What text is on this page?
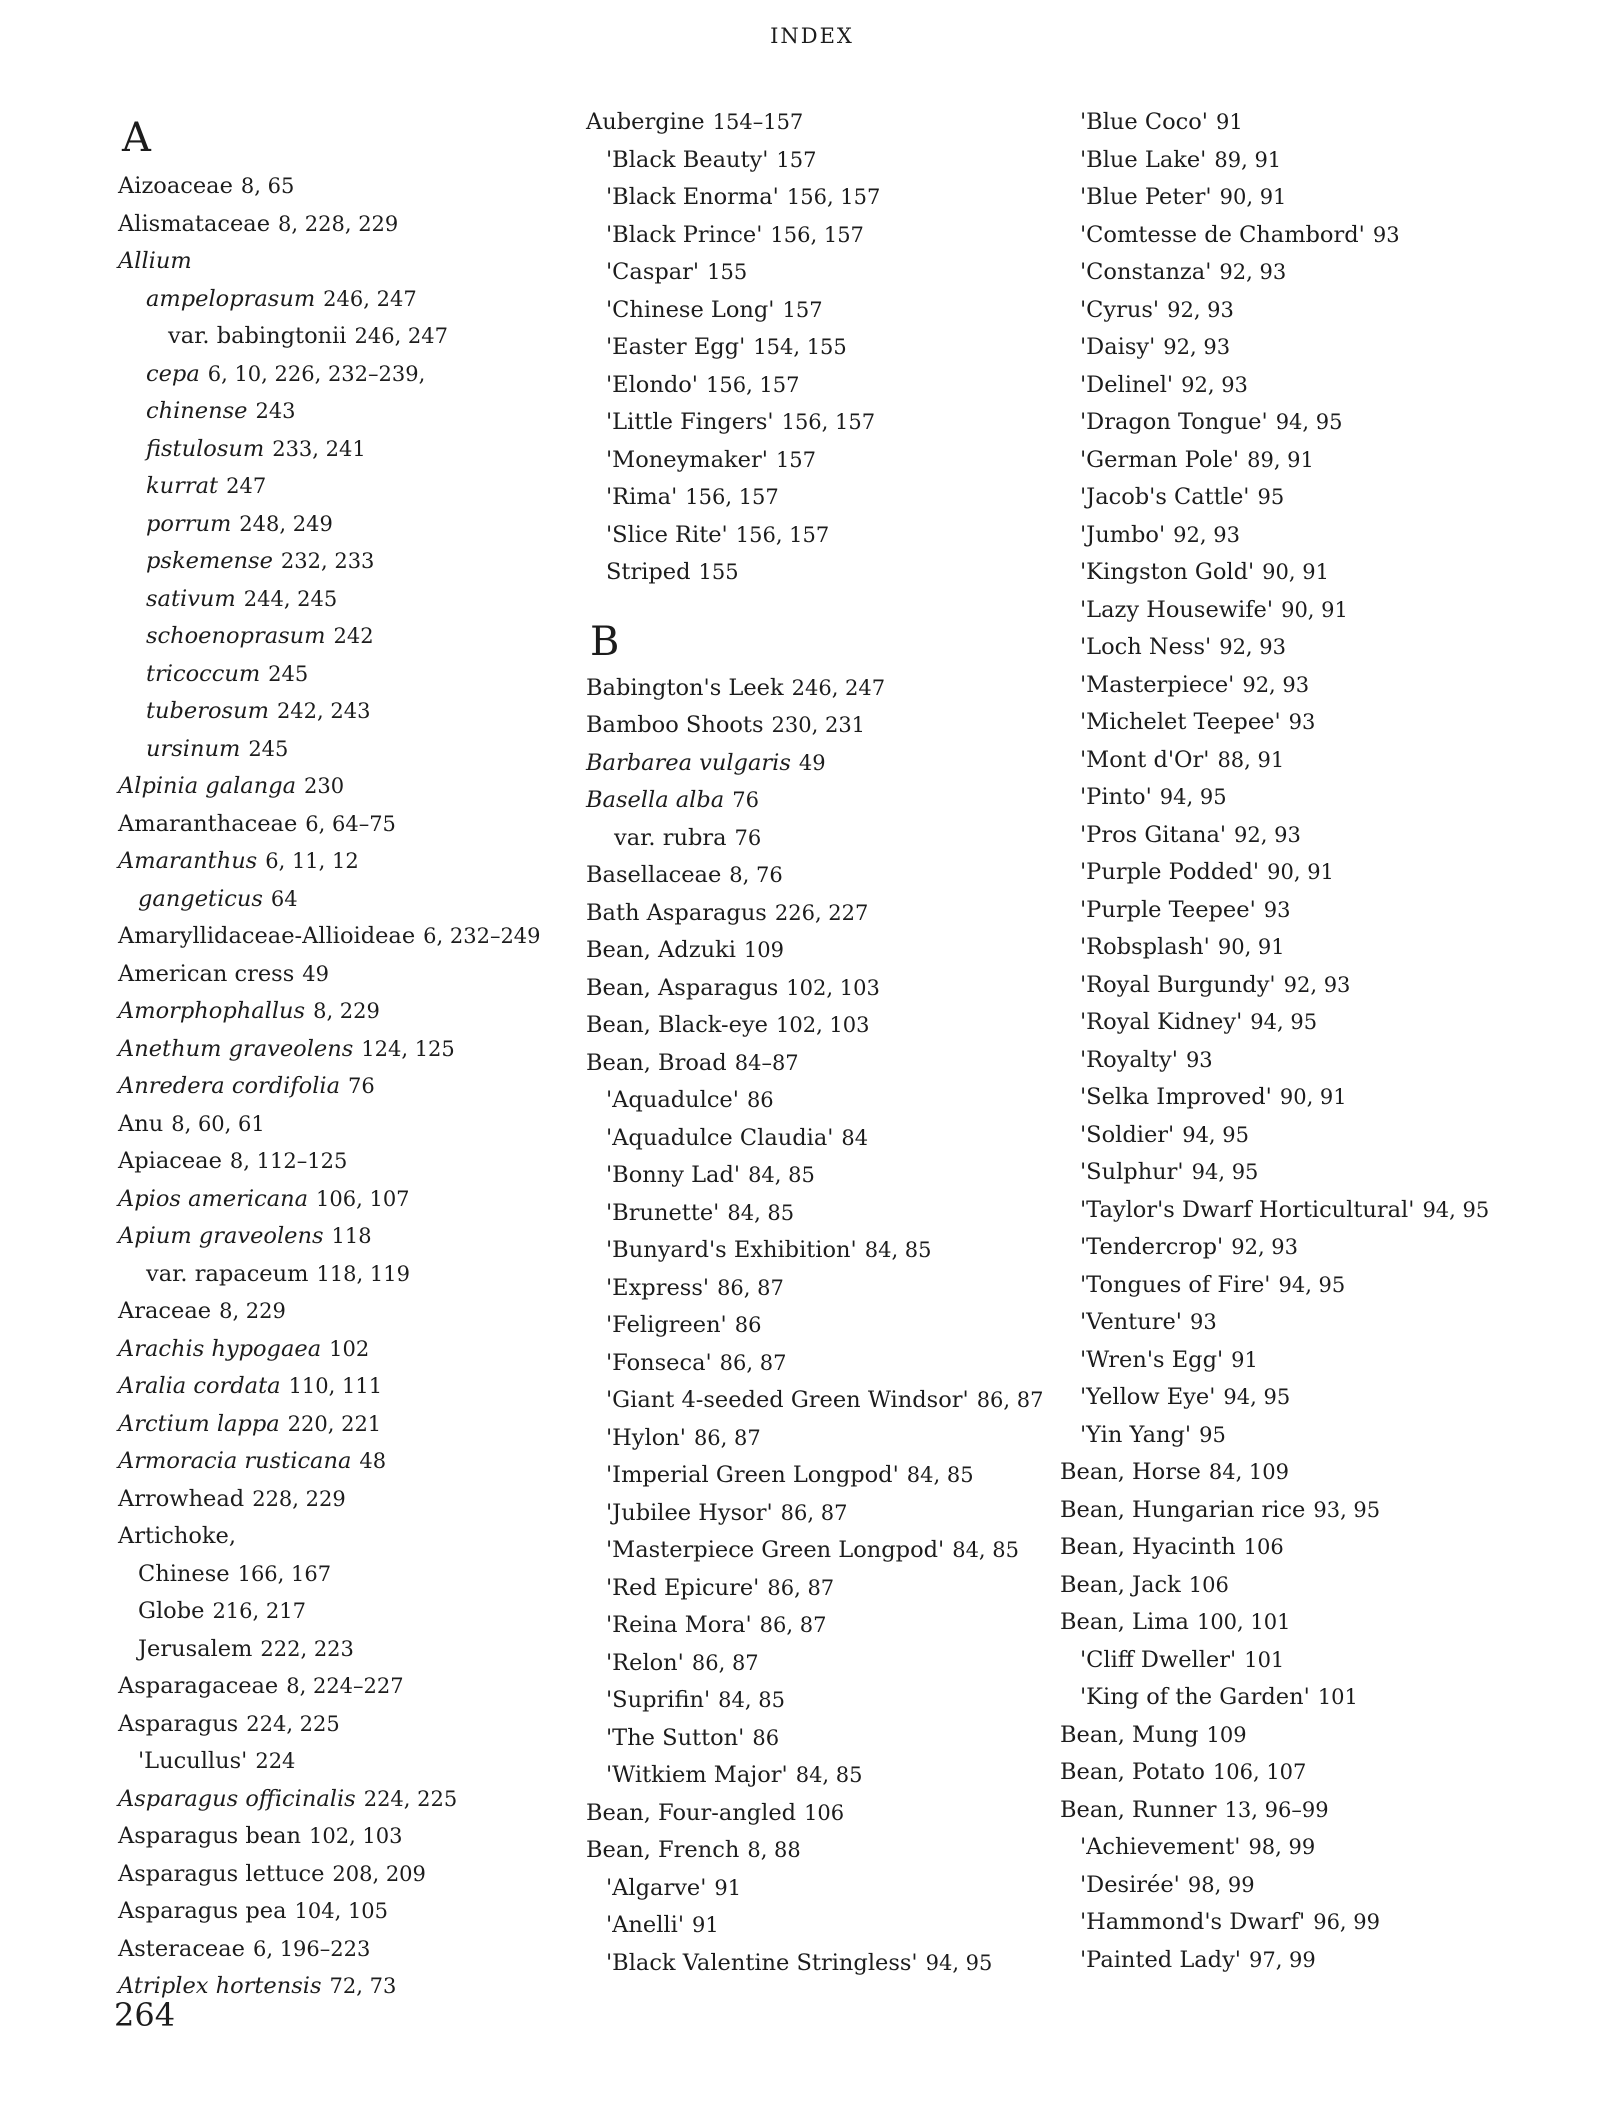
INDEX
A
Aizoaceae 8, 65
Alismataceae 8, 228, 229
Allium
ampeloprasum 246, 247
var. babingtonii 246, 247
cepa 6, 10, 226, 232–239,
chinense 243
fistulosum 233, 241
kurrat 247
porrum 248, 249
pskemense 232, 233
sativum 244, 245
schoenoprasum 242
tricoccum 245
tuberosum 242, 243
ursinum 245
Alpinia galanga 230
Amaranthaceae 6, 64–75
Amaranthus 6, 11, 12
gangeticus 64
Amaryllidaceae-Allioideae 6, 232–249
American cress 49
Amorphophallus 8, 229
Anethum graveolens 124, 125
Anredera cordifolia 76
Anu 8, 60, 61
Apiaceae 8, 112–125
Apios americana 106, 107
Apium graveolens 118
var. rapaceum 118, 119
Araceae 8, 229
Arachis hypogaea 102
Aralia cordata 110, 111
Arctium lappa 220, 221
Armoracia rusticana 48
Arrowhead 228, 229
Artichoke,
Chinese 166, 167
Globe 216, 217
Jerusalem 222, 223
Asparagaceae 8, 224–227
Asparagus 224, 225
'Lucullus' 224
Asparagus officinalis 224, 225
Asparagus bean 102, 103
Asparagus lettuce 208, 209
Asparagus pea 104, 105
Asteraceae 6, 196–223
Atriplex hortensis 72, 73
Aubergine 154–157
'Black Beauty' 157
'Black Enorma' 156, 157
'Black Prince' 156, 157
'Caspar' 155
'Chinese Long' 157
'Easter Egg' 154, 155
'Elondo' 156, 157
'Little Fingers' 156, 157
'Moneymaker' 157
'Rima' 156, 157
'Slice Rite' 156, 157
Striped 155
B
Babington's Leek 246, 247
Bamboo Shoots 230, 231
Barbarea vulgaris 49
Basella alba 76
var. rubra 76
Basellaceae 8, 76
Bath Asparagus 226, 227
Bean, Adzuki 109
Bean, Asparagus 102, 103
Bean, Black-eye 102, 103
Bean, Broad 84–87
'Aquadulce' 86
'Aquadulce Claudia' 84
'Bonny Lad' 84, 85
'Brunette' 84, 85
'Bunyard's Exhibition' 84, 85
'Express' 86, 87
'Feligreen' 86
'Fonseca' 86, 87
'Giant 4-seeded Green Windsor' 86, 87
'Hylon' 86, 87
'Imperial Green Longpod' 84, 85
'Jubilee Hysor' 86, 87
'Masterpiece Green Longpod' 84, 85
'Red Epicure' 86, 87
'Reina Mora' 86, 87
'Relon' 86, 87
'Suprifin' 84, 85
'The Sutton' 86
'Witkiem Major' 84, 85
Bean, Four-angled 106
Bean, French 8, 88
'Algarve' 91
'Anelli' 91
'Black Valentine Stringless' 94, 95
'Blue Coco' 91
'Blue Lake' 89, 91
'Blue Peter' 90, 91
'Comtesse de Chambord' 93
'Constanza' 92, 93
'Cyrus' 92, 93
'Daisy' 92, 93
'Delinel' 92, 93
'Dragon Tongue' 94, 95
'German Pole' 89, 91
'Jacob's Cattle' 95
'Jumbo' 92, 93
'Kingston Gold' 90, 91
'Lazy Housewife' 90, 91
'Loch Ness' 92, 93
'Masterpiece' 92, 93
'Michelet Teepee' 93
'Mont d'Or' 88, 91
'Pinto' 94, 95
'Pros Gitana' 92, 93
'Purple Podded' 90, 91
'Purple Teepee' 93
'Robsplash' 90, 91
'Royal Burgundy' 92, 93
'Royal Kidney' 94, 95
'Royalty' 93
'Selka Improved' 90, 91
'Soldier' 94, 95
'Sulphur' 94, 95
'Taylor's Dwarf Horticultural' 94, 95
'Tendercrop' 92, 93
'Tongues of Fire' 94, 95
'Venture' 93
'Wren's Egg' 91
'Yellow Eye' 94, 95
'Yin Yang' 95
Bean, Horse 84, 109
Bean, Hungarian rice 93, 95
Bean, Hyacinth 106
Bean, Jack 106
Bean, Lima 100, 101
'Cliff Dweller' 101
'King of the Garden' 101
Bean, Mung 109
Bean, Potato 106, 107
Bean, Runner 13, 96–99
'Achievement' 98, 99
'Desirée' 98, 99
'Hammond's Dwarf' 96, 99
'Painted Lady' 97, 99
264
